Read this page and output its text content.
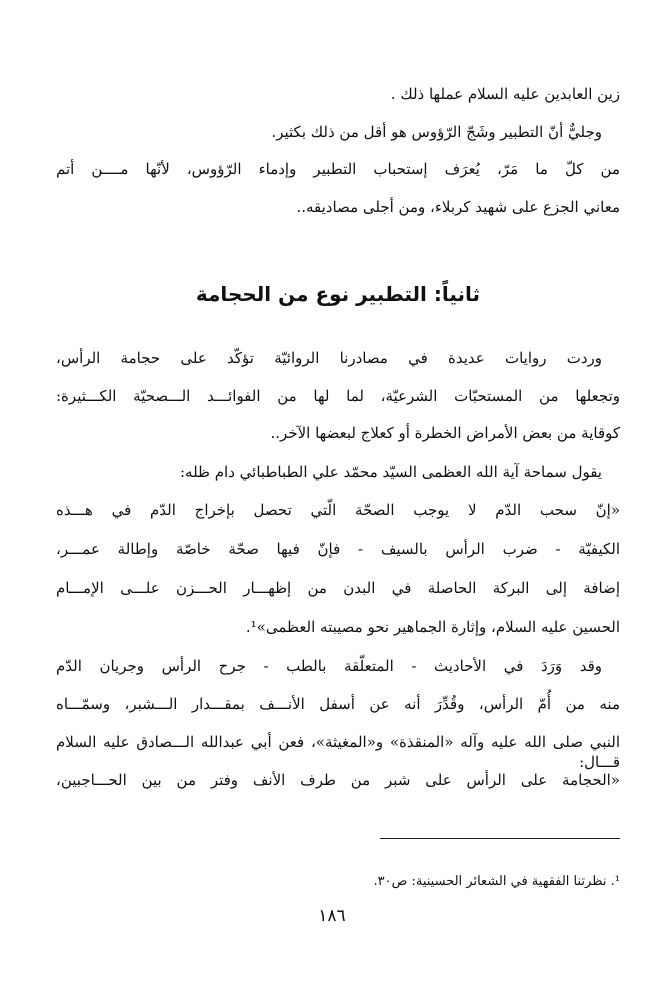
زين العابدين عليه السلام عملها ذلك .
وجليٌّ أنّ التطبير وشَجّ الرّؤوس هو أقل من ذلك بكثير.
من كلّ ما مَرّ، يُعرَف إستحباب التطبير وإدماء الرّؤوس، لأنّها مــــن أتم
معاني الجزع على شهيد كربلاء، ومن أجلى مصاديقه..
ثانياً: التطبير نوع من الحجامة
وردت روايات عديدة في مصادرنا الروائيّة تؤكّد على حجامة الرأس،
وتجعلها من المستحبّات الشرعيّة، لما لها من الفوائـــد الـــصحيّة الكـــثيرة:
كوقاية من بعض الأمراض الخطرة أو كعلاج لبعضها الآخر..
يقول سماحة آية الله العظمى السيّد محمّد علي الطباطبائي دام ظله:
«إنّ سحب الدّم لا يوجب الصحّة الّتي تحصل بإخراج الدّم في هـــذه
الكيفيّة - ضرب الرأس بالسيف - فإنّ فيها صحّة خاصّة وإطالة عمـــر،
إضافة إلى البركة الحاصلة في البدن من إظهـــار الحـــزن علـــى الإمـــام
الحسين عليه السلام، وإثارة الجماهير نحو مصيبته العظمى»¹.
وقد وَرَدَ في الأحاديث - المتعلّقة بالطب - جرح الرأس وجريان الدّم
منه من أُمّ الرأس، وقُدِّرَ أنه عن أسفل الأنـــف بمقـــدار الـــشبر، وسمّـــاه
النبي صلى الله عليه وآله «المنقذة» و«المغيثة»، فعن أبي عبدالله الـــصادق عليه السلام قـــال:
«الحجامة على الرأس على شبر من طرف الأنف وفتر من بين الحـــاجبين،
¹. نظرتنا الفقهية في الشعائر الحسينية: ص٣٠.
١٨٦
